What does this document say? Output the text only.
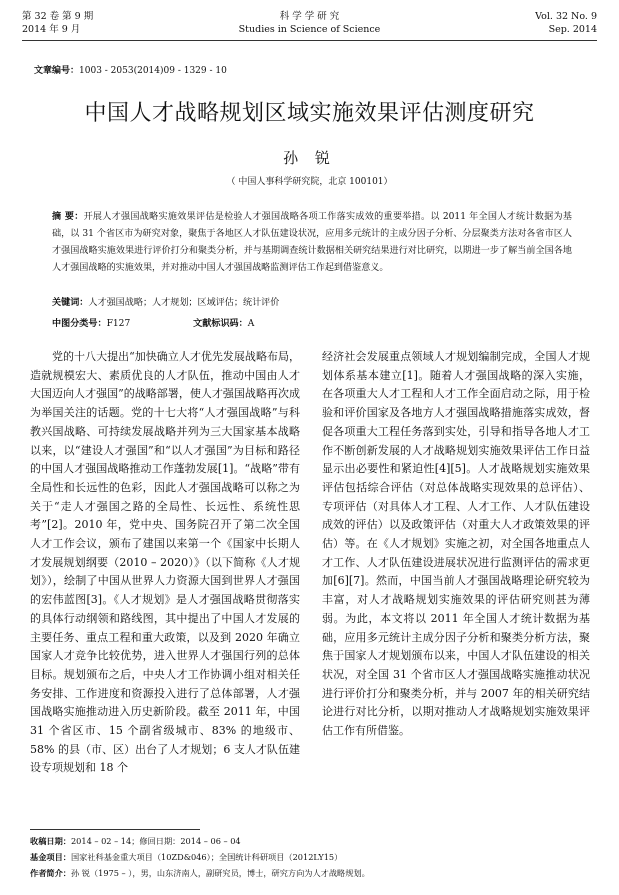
第 32 卷 第 9 期
2014 年 9 月
科 学 学 研 究
Studies in Science of Science
Vol. 32 No. 9
Sep. 2014
文章编号：1003 - 2053(2014)09 - 1329 - 10
中国人才战略规划区域实施效果评估测度研究
孙 锐
（ 中国人事科学研究院，北京 100101）
摘 要：开展人才强国战略实施效果评估是检验人才强国战略各项工作落实成效的重要举措。以 2011 年全国人才统计数据为基础，以 31 个省区市为研究对象，聚焦于各地区人才队伍建设状况，应用多元统计的主成分因子分析、分层聚类方法对各省市区人才强国战略实施效果进行评价打分和聚类分析，并与基期调查统计数据相关研究结果进行对比研究，以期进一步了解当前全国各地人才强国战略的实施效果，并对推动中国人才强国战略监测评估工作起到借鉴意义。
关键词：人才强国战略；人才规划；区域评估；统计评价
中图分类号：F127	文献标识码：A
党的十八大提出“加快确立人才优先发展战略布局，造就规模宏大、素质优良的人才队伍，推动中国由人才大国迈向人才强国”的战略部署，使人才强国战略再次成为举国关注的话题。党的十七大将“人才强国战略”与科教兴国战略、可持续发展战略并列为三大国家基本战略以来，以“建设人才强国”和“以人才强国”为目标和路径的中国人才强国战略推动工作蓬勃发展[1]。“战略”带有全局性和长远性的色彩，因此人才强国战略可以称之为关于“走人才强国之路的全局性、长远性、系统性思考”[2]。2010 年，党中央、国务院召开了第二次全国人才工作会议，颁布了建国以来第一个《国家中长期人才发展规划纲要（2010 – 2020）》（以下简称《人才规划》），绘制了中国从世界人力资源大国到世界人才强国的宏伟蓝图[3]。《人才规划》是人才强国战略贯彻落实的具体行动纲领和路线图，其中提出了中国人才发展的主要任务、重点工程和重大政策，以及到 2020 年确立国家人才竞争比较优势，进入世界人才强国行列的总体目标。规划颁布之后，中央人才工作协调小组对相关任务安排、工作进度和资源投入进行了总体部署，人才强国战略实施推动进入历史新阶段。截至 2011 年，中国 31 个省区市、15 个副省级城市、83% 的地级市、58% 的县（市、区）出台了人才规划；6 支人才队伍建设专项规划和 18 个
经济社会发展重点领域人才规划编制完成，全国人才规划体系基本建立[1]。随着人才强国战略的深入实施，在各项重大人才工程和人才工作全面启动之际，用于检验和评价国家及各地方人才强国战略措施落实成效，督促各项重大工程任务落到实处，引导和指导各地人才工作不断创新发展的人才战略规划实施效果评估工作日益显示出必要性和紧迫性[4][5]。人才战略规划实施效果评估包括综合评估（对总体战略实现效果的总评估）、专项评估（对具体人才工程、人才工作、人才队伍建设成效的评估）以及政策评估（对重大人才政策效果的评估）等。在《人才规划》实施之初，对全国各地重点人才工作、人才队伍建设进展状况进行监测评估的需求更加[6][7]。然而，中国当前人才强国战略理论研究较为丰富，对人才战略规划实施效果的评估研究则甚为薄弱。为此，本文将以 2011 年全国人才统计数据为基础，应用多元统计主成分因子分析和聚类分析方法，聚焦于国家人才规划颁布以来，中国人才队伍建设的相关状况，对全国 31 个省市区人才强国战略实施推动状况进行评价打分和聚类分析，并与 2007 年的相关研究结论进行对比分析，以期对推动人才战略规划实施效果评估工作有所借鉴。
收稿日期：2014 – 02 – 14；修回日期：2014 – 06 – 04
基金项目：国家社科基金重大项目（10ZD&046）；全国统计科研项目（2012LY15）
作者简介：孙 锐（1975 – ），男，山东济南人，副研究员，博士，研究方向为人才战略规划。
